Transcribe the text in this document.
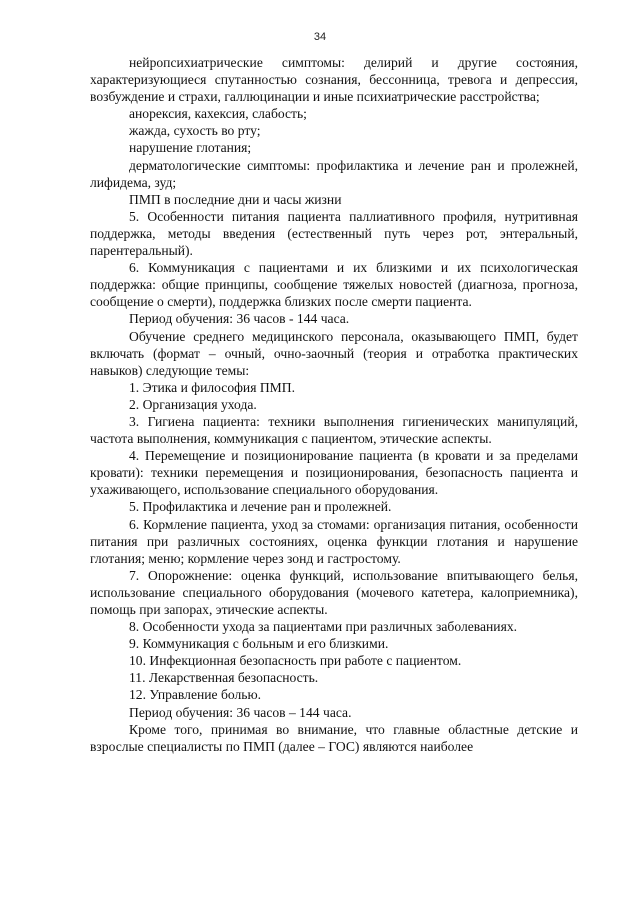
34

нейропсихиатрические симптомы: делирий и другие состояния, характеризующиеся спутанностью сознания, бессонница, тревога и депрессия, возбуждение и страхи, галлюцинации и иные психиатрические расстройства;

анорексия, кахексия, слабость;

жажда, сухость во рту;

нарушение глотания;

дерматологические симптомы: профилактика и лечение ран и пролежней, лифидема, зуд;

ПМП в последние дни и часы жизни

5. Особенности питания пациента паллиативного профиля, нутритивная поддержка, методы введения (естественный путь через рот, энтеральный, парентеральный).

6. Коммуникация с пациентами и их близкими и их психологическая поддержка: общие принципы, сообщение тяжелых новостей (диагноза, прогноза, сообщение о смерти), поддержка близких после смерти пациента.

Период обучения: 36 часов - 144 часа.

Обучение среднего медицинского персонала, оказывающего ПМП, будет включать (формат – очный, очно-заочный (теория и отработка практических навыков) следующие темы:

1. Этика и философия ПМП.

2. Организация ухода.

3. Гигиена пациента: техники выполнения гигиенических манипуляций, частота выполнения, коммуникация с пациентом, этические аспекты.

4. Перемещение и позиционирование пациента (в кровати и за пределами кровати): техники перемещения и позиционирования, безопасность пациента и ухаживающего, использование специального оборудования.

5. Профилактика и лечение ран и пролежней.

6. Кормление пациента, уход за стомами: организация питания, особенности питания при различных состояниях, оценка функции глотания и нарушение глотания; меню; кормление через зонд и гастростому.

7. Опорожнение: оценка функций, использование впитывающего белья, использование специального оборудования (мочевого катетера, калоприемника), помощь при запорах, этические аспекты.

8. Особенности ухода за пациентами при различных заболеваниях.

9. Коммуникация с больным и его близкими.

10. Инфекционная безопасность при работе с пациентом.

11. Лекарственная безопасность.

12. Управление болью.

Период обучения: 36 часов – 144 часа.

Кроме того, принимая во внимание, что главные областные детские и взрослые специалисты по ПМП (далее – ГОС) являются наиболее
